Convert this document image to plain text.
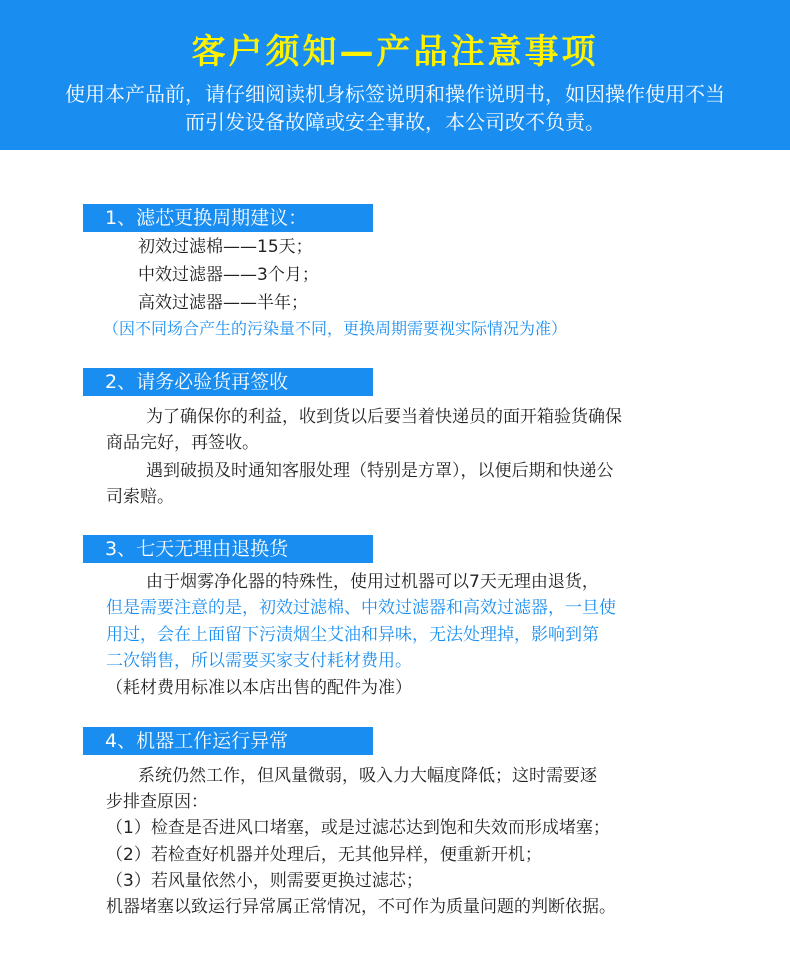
客户须知—产品注意事项
使用本产品前，请仔细阅读机身标签说明和操作说明书，如因操作使用不当
而引发设备故障或安全事故，本公司改不负责。
1、滤芯更换周期建议：
初效过滤棉——15天；
中效过滤器——3个月；
高效过滤器——半年；
（因不同场合产生的污染量不同，更换周期需要视实际情况为准）
2、请务必验货再签收
为了确保你的利益，收到货以后要当着快递员的面开箱验货确保
商品完好，再签收。
遇到破损及时通知客服处理（特别是方罩），以便后期和快递公
司索赔。
3、七天无理由退换货
由于烟雾净化器的特殊性，使用过机器可以7天无理由退货，
但是需要注意的是，初效过滤棉、中效过滤器和高效过滤器，一旦使
用过，会在上面留下污渍烟尘艾油和异味，无法处理掉，影响到第
二次销售，所以需要买家支付耗材费用。
（耗材费用标准以本店出售的配件为准）
4、机器工作运行异常
系统仍然工作，但风量微弱，吸入力大幅度降低；这时需要逐
步排查原因：
（1）检查是否进风口堵塞，或是过滤芯达到饱和失效而形成堵塞；
（2）若检查好机器并处理后，无其他异样，便重新开机；
（3）若风量依然小，则需要更换过滤芯；
机器堵塞以致运行异常属正常情况，不可作为质量问题的判断依据。
